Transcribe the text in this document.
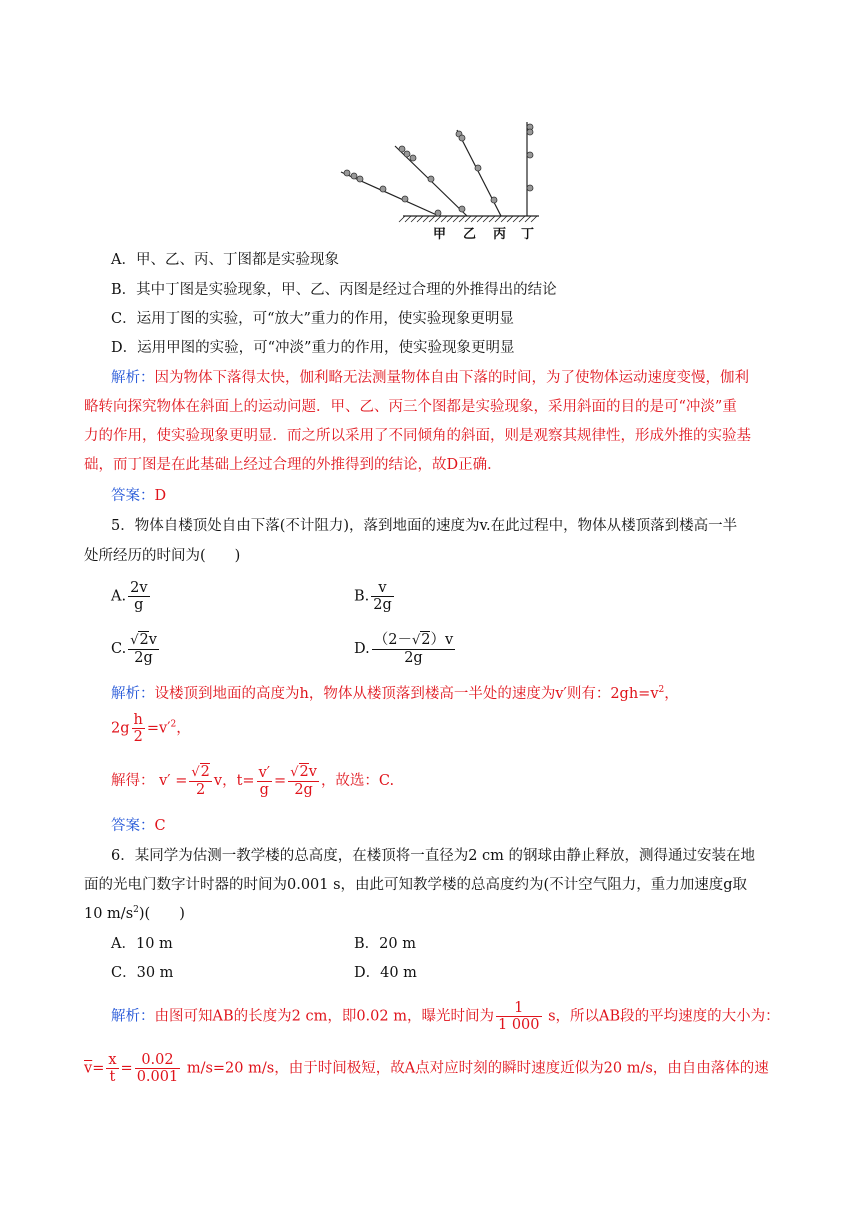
甲 乙 丙 丁
A．甲、乙、丙、丁图都是实验现象
B．其中丁图是实验现象，甲、乙、丙图是经过合理的外推得出的结论
C．运用丁图的实验，可“放大”重力的作用，使实验现象更明显
D．运用甲图的实验，可“冲淡”重力的作用，使实验现象更明显
解析：因为物体下落得太快，伽利略无法测量物体自由下落的时间，为了使物体运动速度变慢，伽利
略转向探究物体在斜面上的运动问题．甲、乙、丙三个图都是实验现象，采用斜面的目的是可“冲淡”重
力的作用，使实验现象更明显．而之所以采用了不同倾角的斜面，则是观察其规律性，形成外推的实验基
础，而丁图是在此基础上经过合理的外推得到的结论，故D正确．
答案：D
5．物体自楼顶处自由下落(不计阻力)，落到地面的速度为v.在此过程中，物体从楼顶落到楼高一半
处所经历的时间为(　　)
A. $\frac{2v}{g}$	B. $\frac{v}{2g}$
C. $\frac{√2v}{2g}$	D. $\frac{(2-√2)v}{2g}$
解析：设楼顶到地面的高度为h，物体从楼顶落到楼高一半处的速度为v′则有：$2gh=v^2$，
$2g \frac{h}{2} =v'^2$，
解得： $v' = \frac{√2}{2}$ v，$t= \frac{v'}{g} = \frac{√2v}{2g}$ ，故选：C.
答案：C
6．某同学为估测一教学楼的总高度，在楼顶将一直径为2 cm 的钢球由静止释放，测得通过安装在地
面的光电门数字计时器的时间为0.001 s，由此可知教学楼的总高度约为(不计空气阻力，重力加速度g取
10 $m/s^2$)(　　)
A．10 m	B．20 m
C．30 m	D．40 m
解析：由图可知AB的长度为2 cm，即0.02 m，曝光时间为 $\frac{1}{1 000}$ s，所以AB段的平均速度的大小为：
$\overline{v}= \frac{x}{t} = \frac{0.02}{0.001} m/s=20$ m/s，由于时间极短，故A点对应时刻的瞬时速度近似为20 m/s，由自由落体的速
